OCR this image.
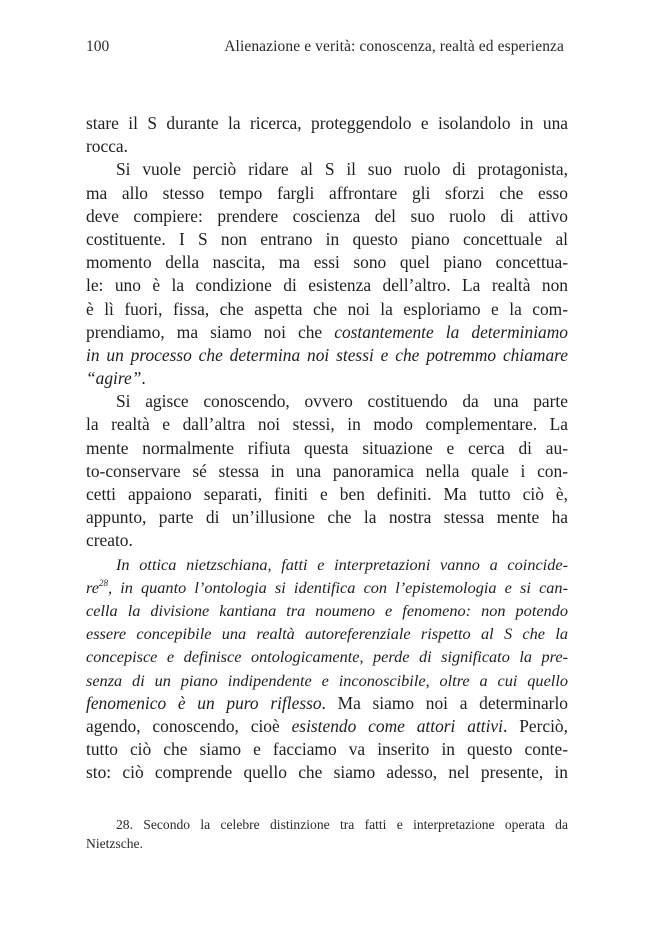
100	Alienazione e verità: conoscenza, realtà ed esperienza
stare il S durante la ricerca, proteggendolo e isolandolo in una
rocca.
Si vuole perciò ridare al S il suo ruolo di protagonista,
ma allo stesso tempo fargli affrontare gli sforzi che esso
deve compiere: prendere coscienza del suo ruolo di attivo
costituente. I S non entrano in questo piano concettuale al
momento della nascita, ma essi sono quel piano concettua-
le: uno è la condizione di esistenza dell’altro. La realtà non
è lì fuori, fissa, che aspetta che noi la esploriamo e la com-
prendiamo, ma siamo noi che costantemente la determiniamo
in un processo che determina noi stessi e che potremmo chiamare
“agire”.
Si agisce conoscendo, ovvero costituendo da una parte
la realtà e dall’altra noi stessi, in modo complementare. La
mente normalmente rifiuta questa situazione e cerca di au-
to-conservare sé stessa in una panoramica nella quale i con-
cetti appaiono separati, finiti e ben definiti. Ma tutto ciò è,
appunto, parte di un’illusione che la nostra stessa mente ha
creato.
In ottica nietzschiana, fatti e interpretazioni vanno a coincide-
$re^{28}$, in quanto l’ontologia si identifica con l’epistemologia e si can-
cella la divisione kantiana tra noumeno e fenomeno: non potendo
essere concepibile una realtà autoreferenziale rispetto al S che la
concepisce e definisce ontologicamente, perde di significato la pre-
senza di un piano indipendente e inconoscibile, oltre a cui quello
fenomenico è un puro riflesso. Ma siamo noi a determinarlo
agendo, conoscendo, cioè esistendo come attori attivi. Perciò,
tutto ciò che siamo e facciamo va inserito in questo conte-
sto: ciò comprende quello che siamo adesso, nel presente, in
28. Secondo la celebre distinzione tra fatti e interpretazione operata da
Nietzsche.
